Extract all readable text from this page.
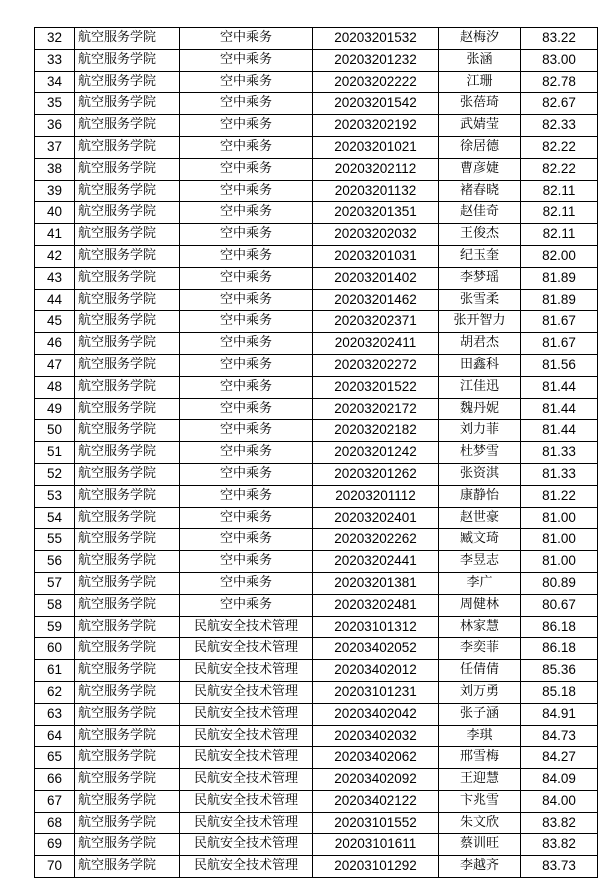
32	航空服务学院	空中乘务	20203201532	赵梅汐	83.22
33	航空服务学院	空中乘务	20203201232	张涵	83.00
34	航空服务学院	空中乘务	20203202222	江珊	82.78
35	航空服务学院	空中乘务	20203201542	张蓓琦	82.67
36	航空服务学院	空中乘务	20203202192	武婧莹	82.33
37	航空服务学院	空中乘务	20203201021	徐居德	82.22
38	航空服务学院	空中乘务	20203202112	曹彦婕	82.22
39	航空服务学院	空中乘务	20203201132	褚春晓	82.11
40	航空服务学院	空中乘务	20203201351	赵佳奇	82.11
41	航空服务学院	空中乘务	20203202032	王俊杰	82.11
42	航空服务学院	空中乘务	20203201031	纪玉奎	82.00
43	航空服务学院	空中乘务	20203201402	李梦瑶	81.89
44	航空服务学院	空中乘务	20203201462	张雪柔	81.89
45	航空服务学院	空中乘务	20203202371	张开智力	81.67
46	航空服务学院	空中乘务	20203202411	胡君杰	81.67
47	航空服务学院	空中乘务	20203202272	田鑫科	81.56
48	航空服务学院	空中乘务	20203201522	江佳迅	81.44
49	航空服务学院	空中乘务	20203202172	魏丹妮	81.44
50	航空服务学院	空中乘务	20203202182	刘力菲	81.44
51	航空服务学院	空中乘务	20203201242	杜梦雪	81.33
52	航空服务学院	空中乘务	20203201262	张资淇	81.33
53	航空服务学院	空中乘务	20203201112	康静怡	81.22
54	航空服务学院	空中乘务	20203202401	赵世豪	81.00
55	航空服务学院	空中乘务	20203202262	臧文琦	81.00
56	航空服务学院	空中乘务	20203202441	李昱志	81.00
57	航空服务学院	空中乘务	20203201381	李广	80.89
58	航空服务学院	空中乘务	20203202481	周健林	80.67
59	航空服务学院	民航安全技术管理	20203101312	林家慧	86.18
60	航空服务学院	民航安全技术管理	20203402052	李奕菲	86.18
61	航空服务学院	民航安全技术管理	20203402012	任倩倩	85.36
62	航空服务学院	民航安全技术管理	20203101231	刘万勇	85.18
63	航空服务学院	民航安全技术管理	20203402042	张子涵	84.91
64	航空服务学院	民航安全技术管理	20203402032	李琪	84.73
65	航空服务学院	民航安全技术管理	20203402062	邢雪梅	84.27
66	航空服务学院	民航安全技术管理	20203402092	王迎慧	84.09
67	航空服务学院	民航安全技术管理	20203402122	卞兆雪	84.00
68	航空服务学院	民航安全技术管理	20203101552	朱文欣	83.82
69	航空服务学院	民航安全技术管理	20203101611	蔡训旺	83.82
70	航空服务学院	民航安全技术管理	20203101292	李越齐	83.73
